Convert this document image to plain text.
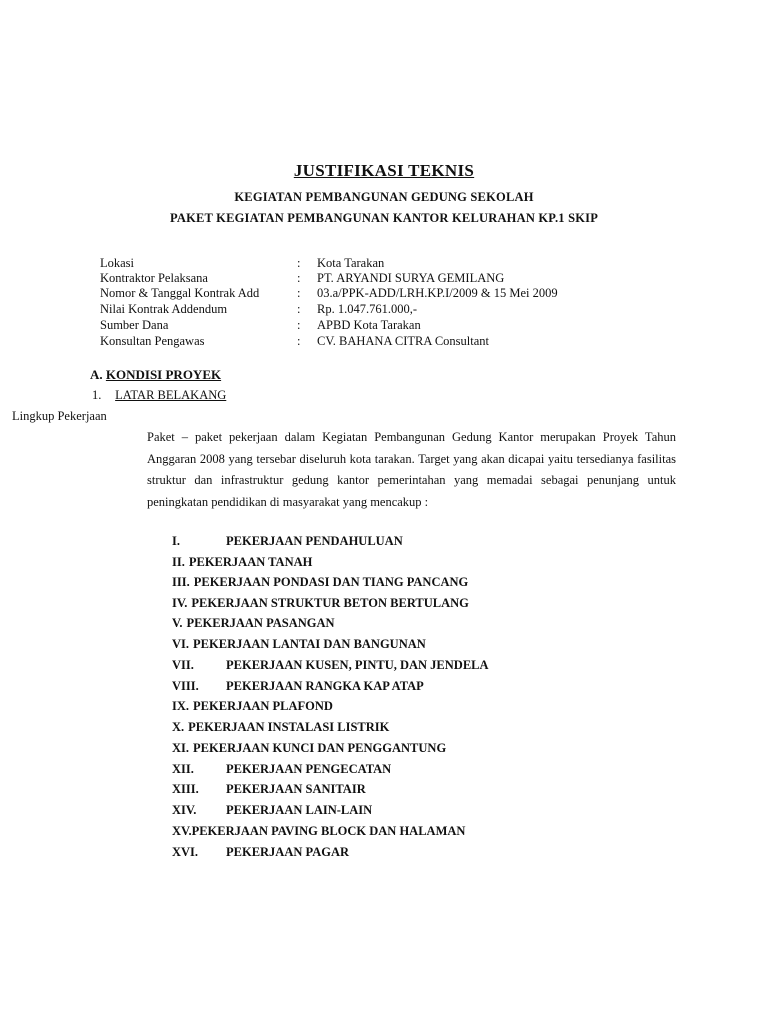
JUSTIFIKASI TEKNIS
KEGIATAN PEMBANGUNAN GEDUNG SEKOLAH
PAKET KEGIATAN PEMBANGUNAN KANTOR KELURAHAN KP.1 SKIP
Lokasi	: Kota Tarakan
Kontraktor Pelaksana	: PT. ARYANDI SURYA GEMILANG
Nomor & Tanggal Kontrak Add	: 03.a/PPK-ADD/LRH.KP.I/2009 & 15 Mei 2009
Nilai Kontrak Addendum	: Rp. 1.047.761.000,-
Sumber Dana	: APBD Kota Tarakan
Konsultan Pengawas	: CV. BAHANA CITRA Consultant
A. KONDISI PROYEK
1. LATAR BELAKANG
Lingkup Pekerjaan
Paket – paket pekerjaan dalam Kegiatan Pembangunan Gedung Kantor merupakan Proyek Tahun Anggaran 2008 yang tersebar diseluruh kota tarakan. Target yang akan dicapai yaitu tersedianya fasilitas struktur dan infrastruktur gedung kantor pemerintahan yang memadai sebagai penunjang untuk peningkatan pendidikan di masyarakat yang mencakup :
I.	PEKERJAAN PENDAHULUAN
II. PEKERJAAN TANAH
III. PEKERJAAN PONDASI DAN TIANG PANCANG
IV. PEKERJAAN STRUKTUR BETON BERTULANG
V. PEKERJAAN PASANGAN
VI. PEKERJAAN LANTAI DAN BANGUNAN
VII.	PEKERJAAN KUSEN, PINTU, DAN JENDELA
VIII. PEKERJAAN RANGKA KAP ATAP
IX. PEKERJAAN PLAFOND
X. PEKERJAAN INSTALASI LISTRIK
XI. PEKERJAAN KUNCI DAN PENGGANTUNG
XII.	PEKERJAAN PENGECATAN
XIII. PEKERJAAN SANITAIR
XIV. PEKERJAAN LAIN-LAIN
XV.PEKERJAAN PAVING BLOCK DAN HALAMAN
XVI. PEKERJAAN PAGAR
